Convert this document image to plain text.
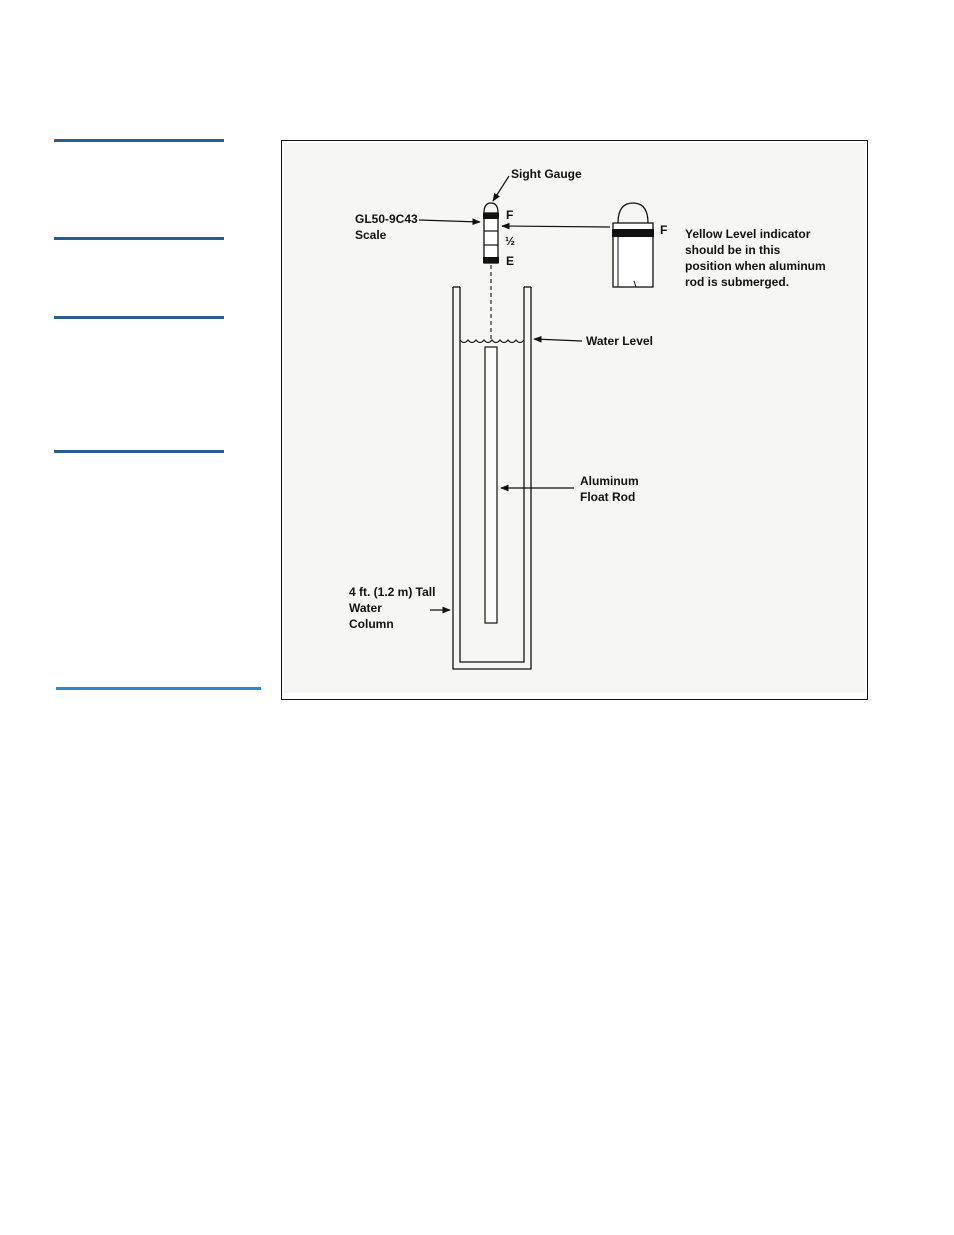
F
½
E
Sight Gauge
GL50-9C43
Scale	F Yellow Level indicator
should be in this
position when aluminum
rod is submerged.
Water Level
Aluminum
Float Rod
4 ft. (1.2 m) Tall
Water
Column
